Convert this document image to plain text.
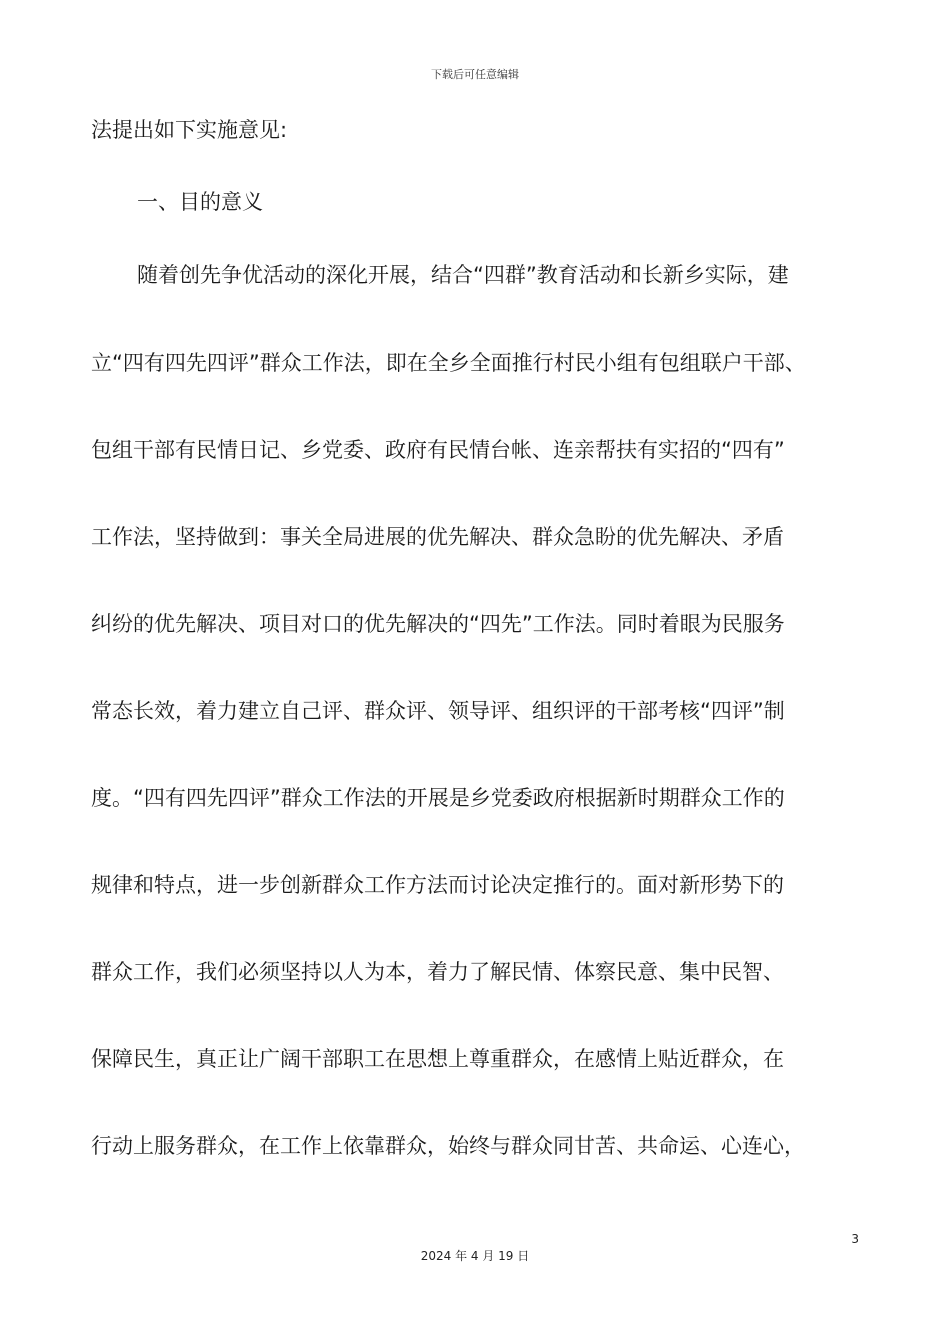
下载后可任意编辑
法提出如下实施意见:
一、目的意义
随着创先争优活动的深化开展，结合“四群”教育活动和长新乡实际，建
立“四有四先四评”群众工作法，即在全乡全面推行村民小组有包组联户干部、
包组干部有民情日记、乡党委、政府有民情台帐、连亲帮扶有实招的“四有”
工作法，坚持做到：事关全局进展的优先解决、群众急盼的优先解决、矛盾
纠纷的优先解决、项目对口的优先解决的“四先”工作法。同时着眼为民服务
常态长效，着力建立自己评、群众评、领导评、组织评的干部考核“四评”制
度。“四有四先四评”群众工作法的开展是乡党委政府根据新时期群众工作的
规律和特点，进一步创新群众工作方法而讨论决定推行的。面对新形势下的
群众工作，我们必须坚持以人为本，着力了解民情、体察民意、集中民智、
保障民生，真正让广阔干部职工在思想上尊重群众，在感情上贴近群众，在
行动上服务群众，在工作上依靠群众，始终与群众同甘苦、共命运、心连心，
3
2024 年 4 月 19 日
